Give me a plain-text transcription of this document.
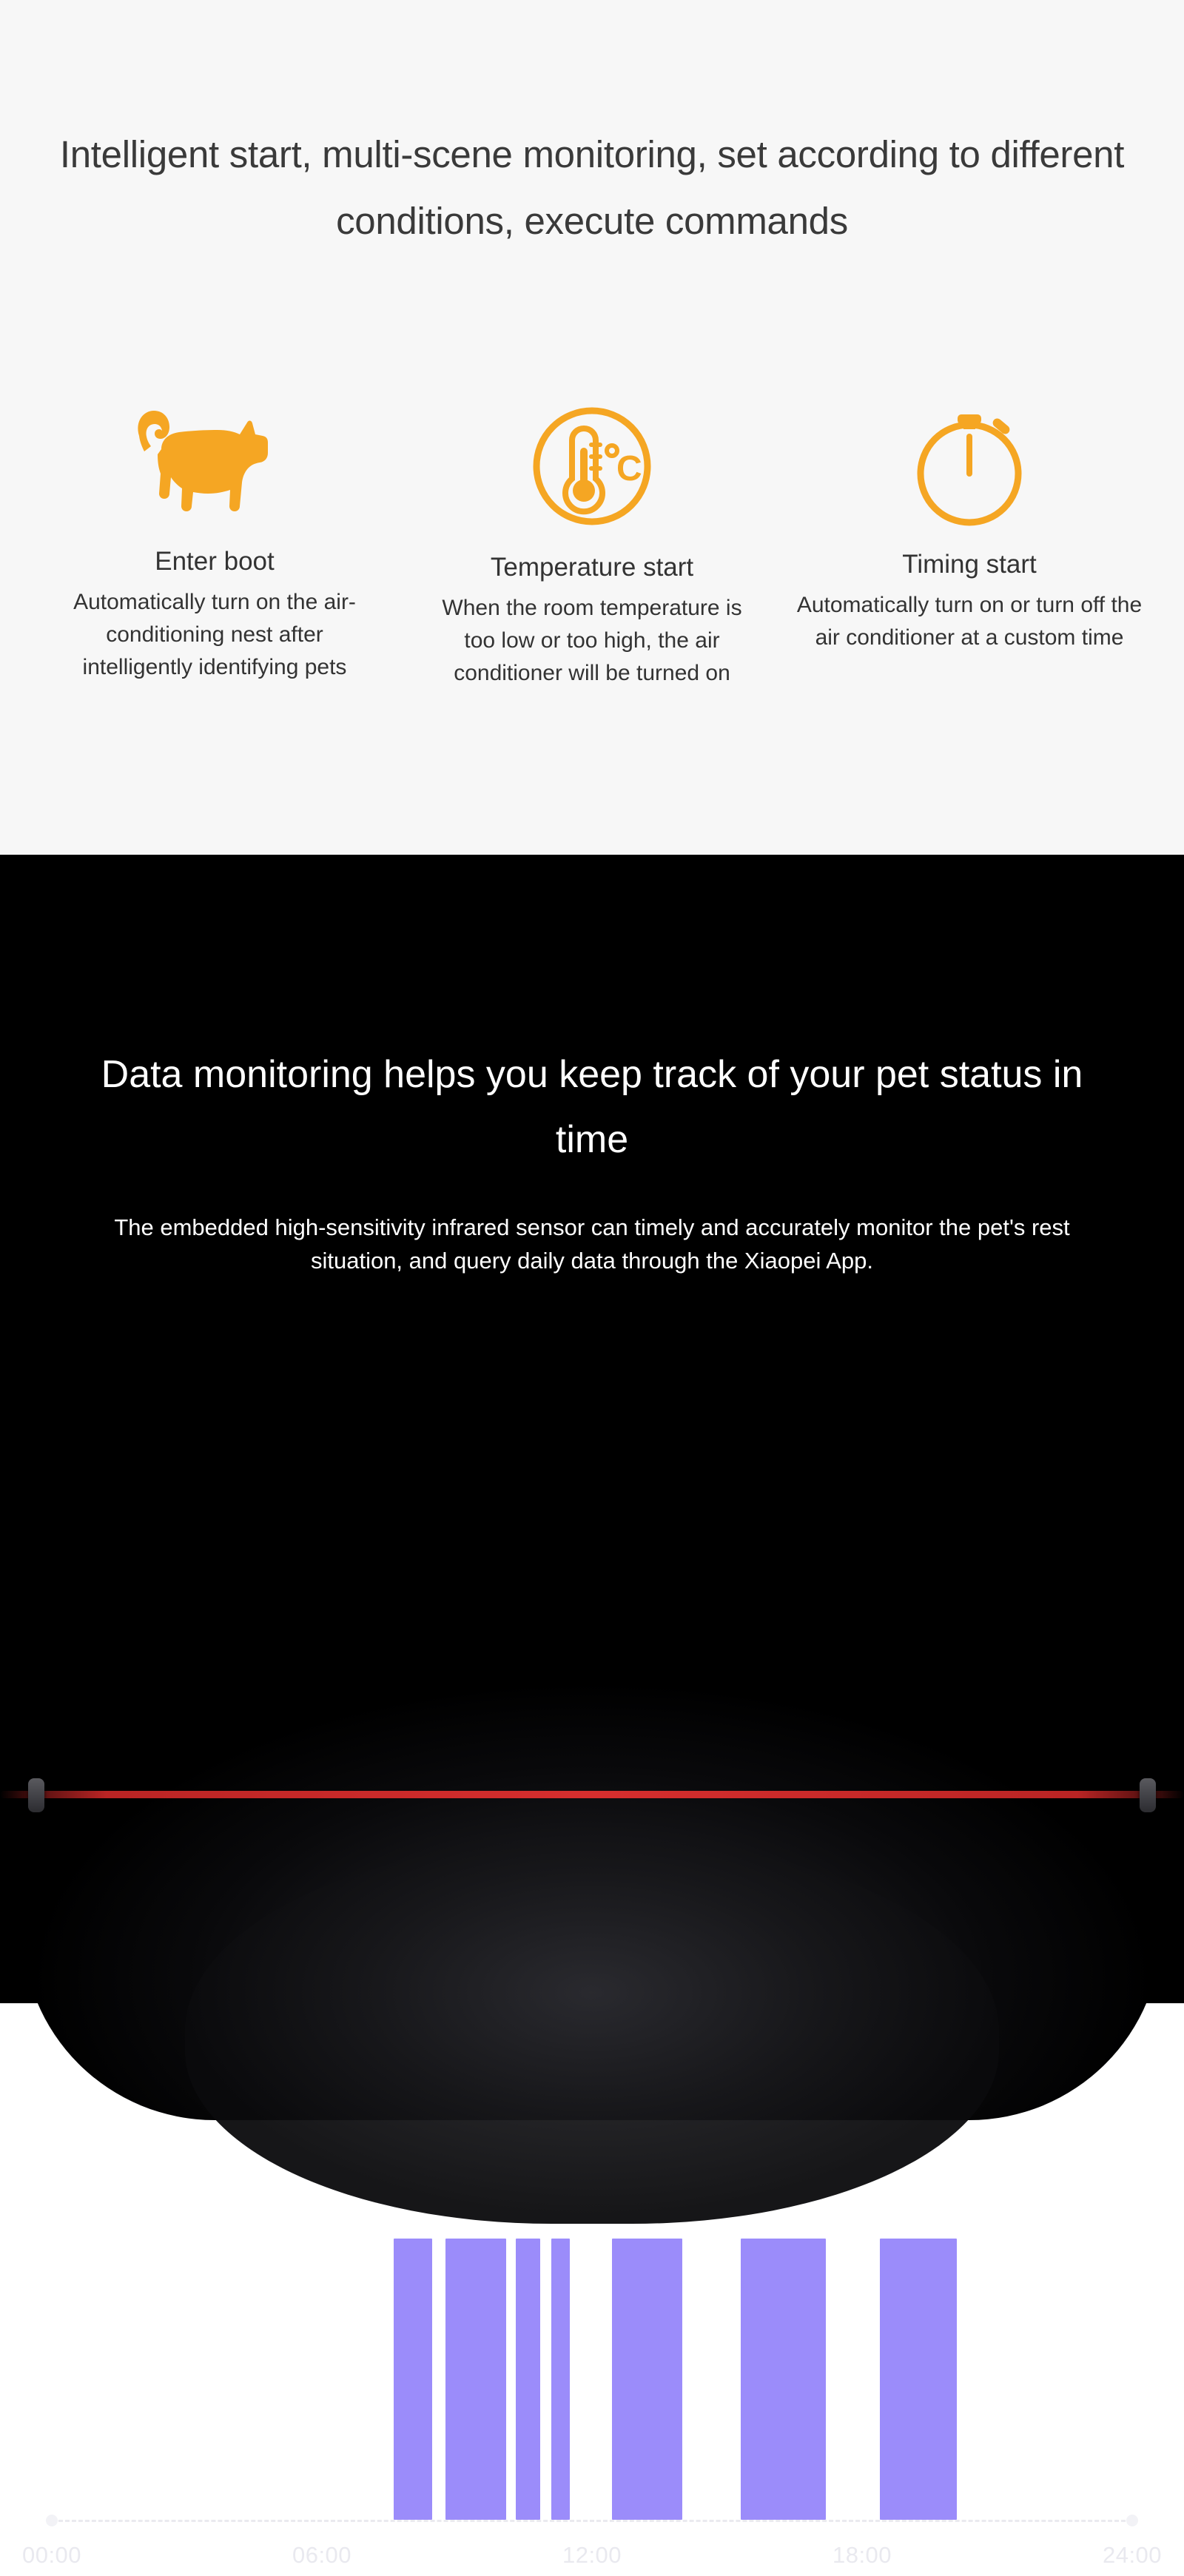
Intelligent start, multi-scene monitoring, set according to different conditions, execute commands
Enter boot
Automatically turn on the air-conditioning nest after intelligently identifying pets
C
Temperature start
When the room temperature is too low or too high, the air conditioner will be turned on
Timing start
Automatically turn on or turn off the air conditioner at a custom time
Data monitoring helps you keep track of your pet status in time

The embedded high-sensitivity infrared sensor can timely and accurately monitor the pet's rest situation, and query daily data through the Xiaopei App.

00:00	06:00	12:00	18:00	24:00
